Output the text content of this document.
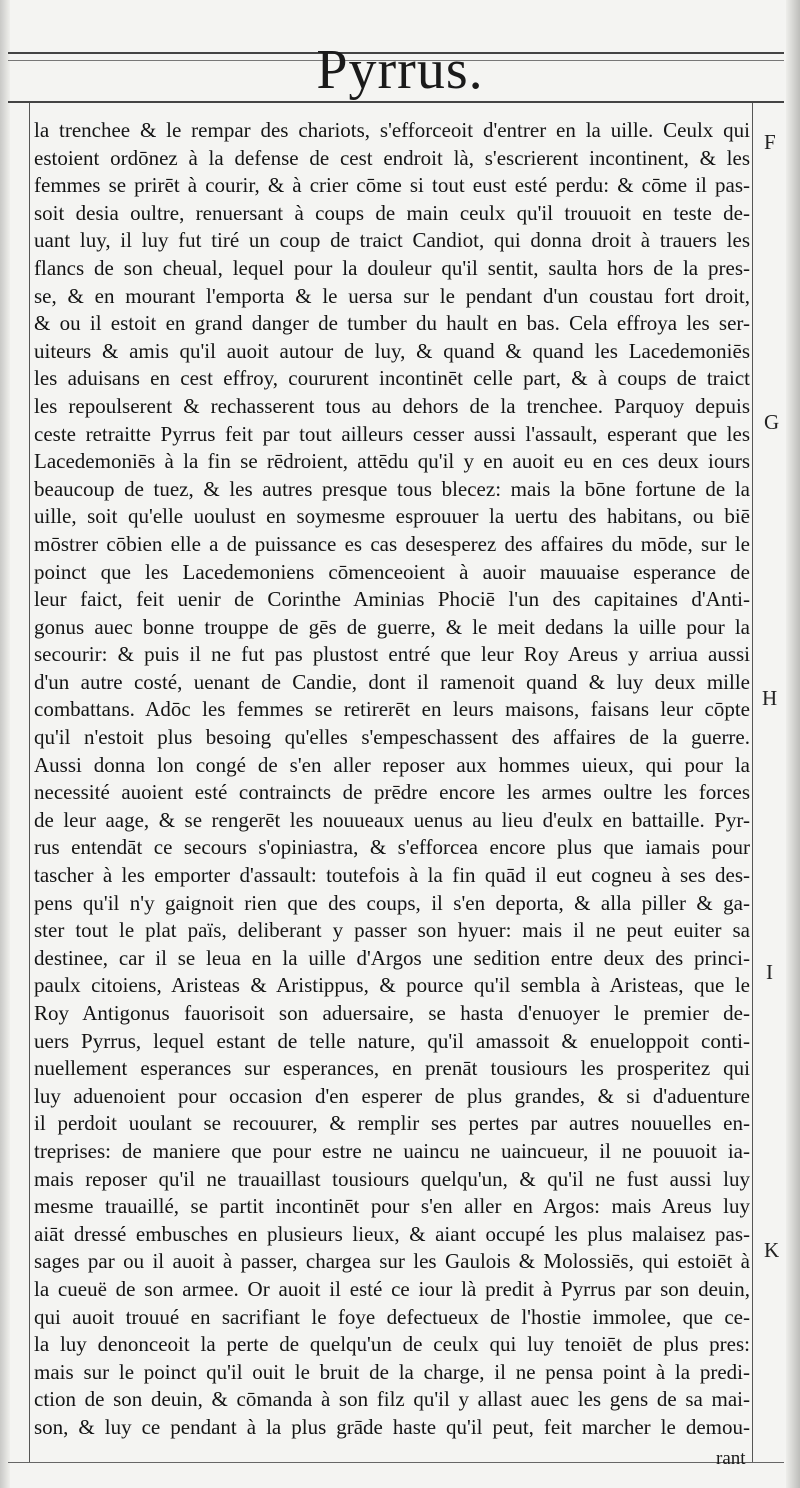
Pyrrus.
la trenchee & le rempar des chariots, s'efforceoit d'entrer en la uille. Ceulx qui
estoient ordōnez à la defense de cest endroit là, s'escrierent incontinent, & les
femmes se prirēt à courir, & à crier cōme si tout eust esté perdu: & cōme il pas-
soit desia oultre, renuersant à coups de main ceulx qu'il trouuoit en teste de-
uant luy, il luy fut tiré un coup de traict Candiot, qui donna droit à trauers les
flancs de son cheual, lequel pour la douleur qu'il sentit, saulta hors de la pres-
se, & en mourant l'emporta & le uersa sur le pendant d'un coustau fort droit,
& ou il estoit en grand danger de tumber du hault en bas. Cela effroya les ser-
uiteurs & amis qu'il auoit autour de luy, & quand & quand les Lacedemoniēs
les aduisans en cest effroy, coururent incontinēt celle part, & à coups de traict
les repoulserent & rechasserent tous au dehors de la trenchee. Parquoy depuis
ceste retraitte Pyrrus feit par tout ailleurs cesser aussi l'assault, esperant que les
Lacedemoniēs à la fin se rēdroient, attēdu qu'il y en auoit eu en ces deux iours
beaucoup de tuez, & les autres presque tous blecez: mais la bōne fortune de la
uille, soit qu'elle uoulust en soymesme esprouuer la uertu des habitans, ou biē
mōstrer cōbien elle a de puissance es cas desesperez des affaires du mōde, sur le
poinct que les Lacedemoniens cōmenceoient à auoir mauuaise esperance de
leur faict, feit uenir de Corinthe Aminias Phociē l'un des capitaines d'Anti-
gonus auec bonne trouppe de gēs de guerre, & le meit dedans la uille pour la
secourir: & puis il ne fut pas plustost entré que leur Roy Areus y arriua aussi
d'un autre costé, uenant de Candie, dont il ramenoit quand & luy deux mille
combattans. Adōc les femmes se retirerēt en leurs maisons, faisans leur cōpte
qu'il n'estoit plus besoing qu'elles s'empeschassent des affaires de la guerre.
Aussi donna lon congé de s'en aller reposer aux hommes uieux, qui pour la
necessité auoient esté contraincts de prēdre encore les armes oultre les forces
de leur aage, & se rengerēt les nouueaux uenus au lieu d'eulx en battaille. Pyr-
rus entendāt ce secours s'opiniastra, & s'efforcea encore plus que iamais pour
tascher à les emporter d'assault: toutefois à la fin quād il eut cogneu à ses des-
pens qu'il n'y gaignoit rien que des coups, il s'en deporta, & alla piller & ga-
ster tout le plat païs, deliberant y passer son hyuer: mais il ne peut euiter sa
destinee, car il se leua en la uille d'Argos une sedition entre deux des princi-
paulx citoiens, Aristeas & Aristippus, & pource qu'il sembla à Aristeas, que le
Roy Antigonus fauorisoit son aduersaire, se hasta d'enuoyer le premier de-
uers Pyrrus, lequel estant de telle nature, qu'il amassoit & enueloppoit conti-
nuellement esperances sur esperances, en prenāt tousiours les prosperitez qui
luy aduenoient pour occasion d'en esperer de plus grandes, & si d'aduenture
il perdoit uoulant se recouurer, & remplir ses pertes par autres nouuelles en-
treprises: de maniere que pour estre ne uaincu ne uaincueur, il ne pouuoit ia-
mais reposer qu'il ne trauaillast tousiours quelqu'un, & qu'il ne fust aussi luy
mesme trauaillé, se partit incontinēt pour s'en aller en Argos: mais Areus luy
aiāt dressé embusches en plusieurs lieux, & aiant occupé les plus malaisez pas-
sages par ou il auoit à passer, chargea sur les Gaulois & Molossiēs, qui estoiēt à
la cueuë de son armee. Or auoit il esté ce iour là predit à Pyrrus par son deuin,
qui auoit trouué en sacrifiant le foye defectueux de l'hostie immolee, que ce-
la luy denonceoit la perte de quelqu'un de ceulx qui luy tenoiēt de plus pres:
mais sur le poinct qu'il ouit le bruit de la charge, il ne pensa point à la predi-
ction de son deuin, & cōmanda à son filz qu'il y allast auec les gens de sa mai-
son, & luy ce pendant à la plus grāde haste qu'il peut, feit marcher le demou-
F
G
H
I
K
rant
